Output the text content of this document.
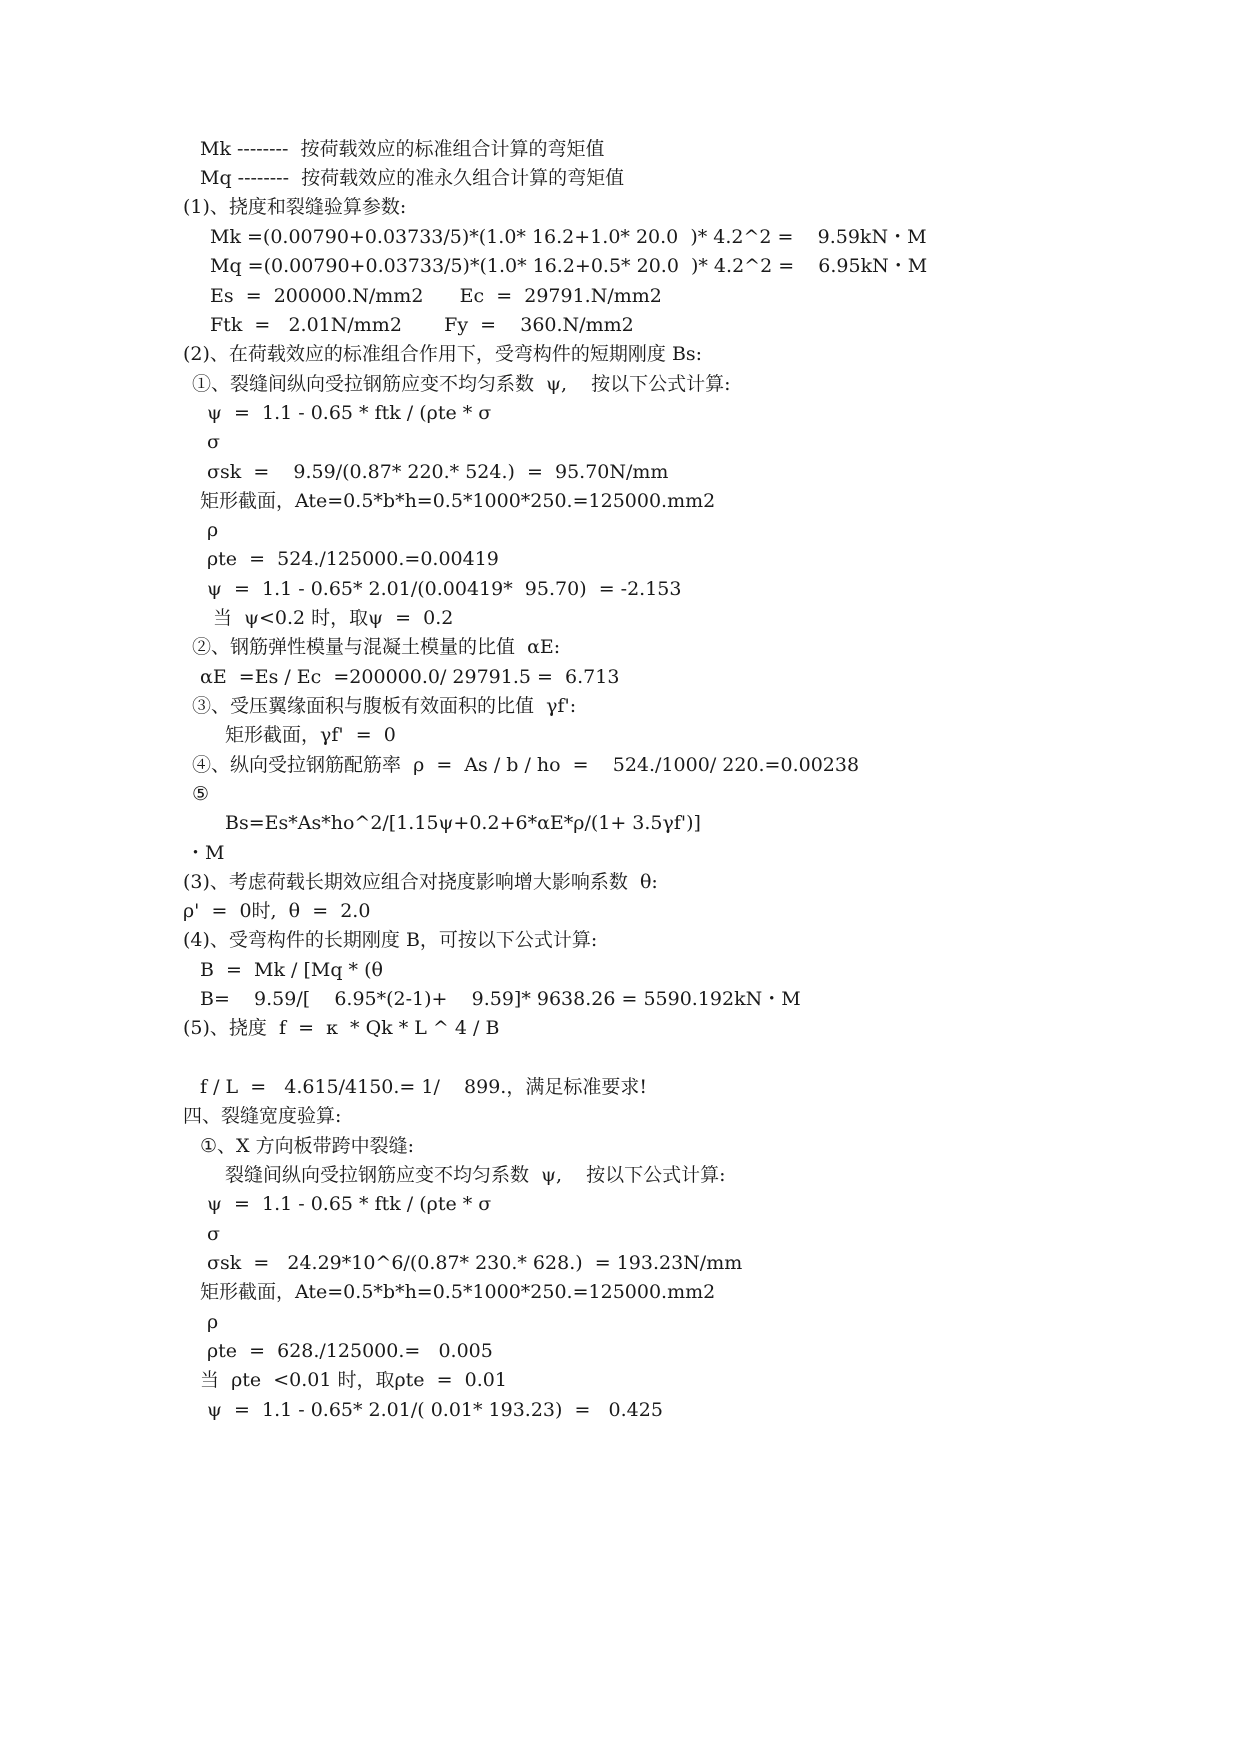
Mk --------  按荷载效应的标准组合计算的弯矩值
Mq --------  按荷载效应的准永久组合计算的弯矩值
(1)、挠度和裂缝验算参数:
Mk =(0.00790+0.03733/5)*(1.0* 16.2+1.0* 20.0  )* 4.2^2 =    9.59kN・M
Mq =(0.00790+0.03733/5)*(1.0* 16.2+0.5* 20.0  )* 4.2^2 =    6.95kN・M
Es  =  200000.N/mm2      Ec  =  29791.N/mm2
Ftk  =   2.01N/mm2       Fy  =    360.N/mm2
(2)、在荷载效应的标准组合作用下，受弯构件的短期刚度 Bs:
①、裂缝间纵向受拉钢筋应变不均匀系数  ψ,    按以下公式计算:
ψ  =  1.1 - 0.65 * ftk / (ρte * σ
σ
σsk  =    9.59/(0.87* 220.* 524.)  =  95.70N/mm
矩形截面，Ate=0.5*b*h=0.5*1000*250.=125000.mm2
ρ
ρte  =  524./125000.=0.00419
ψ  =  1.1 - 0.65* 2.01/(0.00419*  95.70)  = -2.153
当  ψ<0.2 时，取ψ  =  0.2
②、钢筋弹性模量与混凝土模量的比值  αE:
αE  =Es / Ec  =200000.0/ 29791.5 =  6.713
③、受压翼缘面积与腹板有效面积的比值  γf':
矩形截面，γf'  =  0
④、纵向受拉钢筋配筋率  ρ  =  As / b / ho  =    524./1000/ 220.=0.00238
⑤
Bs=Es*As*ho^2/[1.15ψ+0.2+6*αE*ρ/(1+ 3.5γf')]
・M
(3)、考虑荷载长期效应组合对挠度影响增大影响系数  θ:
ρ'  =  0时,  θ  =  2.0
(4)、受弯构件的长期刚度 B，可按以下公式计算:
B  =  Mk / [Mq * (θ
B=    9.59/[    6.95*(2-1)+    9.59]* 9638.26 = 5590.192kN・M
(5)、挠度  f  =  κ  * Qk * L ^ 4 / B
f / L  =   4.615/4150.= 1/    899.，满足标准要求!
四、裂缝宽度验算:
①、X 方向板带跨中裂缝:
裂缝间纵向受拉钢筋应变不均匀系数  ψ,    按以下公式计算:
ψ  =  1.1 - 0.65 * ftk / (ρte * σ
σ
σsk  =   24.29*10^6/(0.87* 230.* 628.)  = 193.23N/mm
矩形截面，Ate=0.5*b*h=0.5*1000*250.=125000.mm2
ρ
ρte  =  628./125000.=   0.005
当  ρte  <0.01 时，取ρte  =  0.01
ψ  =  1.1 - 0.65* 2.01/( 0.01* 193.23)  =   0.425
